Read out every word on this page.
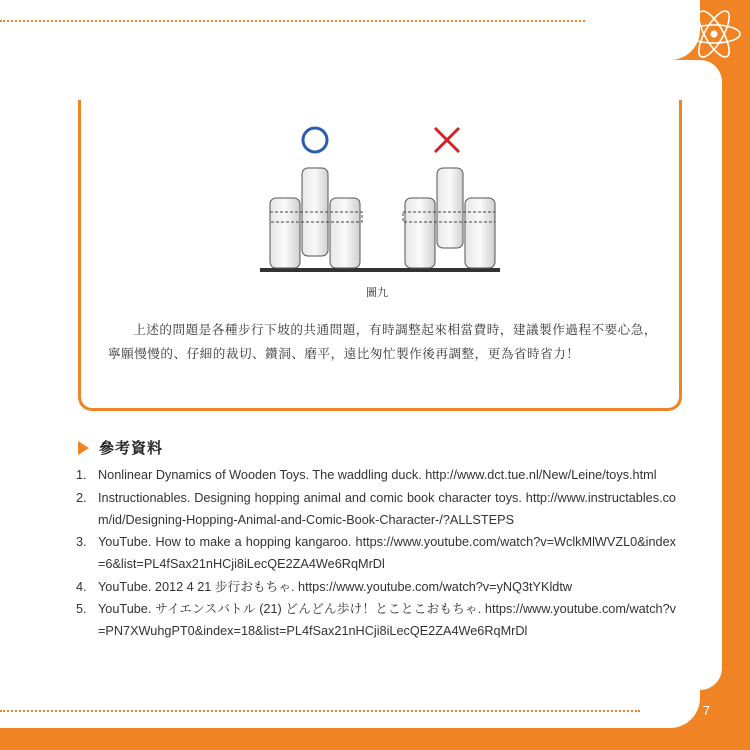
力的科學實作
7
圖九
上述的問題是各種步行下坡的共通問題，有時調整起來相當費時，建議製作過程不要心急，寧願慢慢的、仔細的裁切、鑽洞、磨平，遠比匆忙製作後再調整，更為省時省力！
參考資料
1. Nonlinear Dynamics of Wooden Toys. The waddling duck. http://www.dct.tue.nl/New/Leine/toys.html
2. Instructionables. Designing hopping animal and comic book character toys. http://www.instructables.com/id/Designing-Hopping-Animal-and-Comic-Book-Character-/?ALLSTEPS
3. YouTube. How to make a hopping kangaroo. https://www.youtube.com/watch?v=WclkMlWVZL0&index=6&list=PL4fSax21nHCji8iLecQE2ZA4We6RqMrDl
4. YouTube. 2012 4 21 步行おもちゃ. https://www.youtube.com/watch?v=yNQ3tYKldtw
5. YouTube. サイエンスバトル (21) どんどん歩け！とことこおもちゃ. https://www.youtube.com/watch?v=PN7XWuhgPT0&index=18&list=PL4fSax21nHCji8iLecQE2ZA4We6RqMrDl
